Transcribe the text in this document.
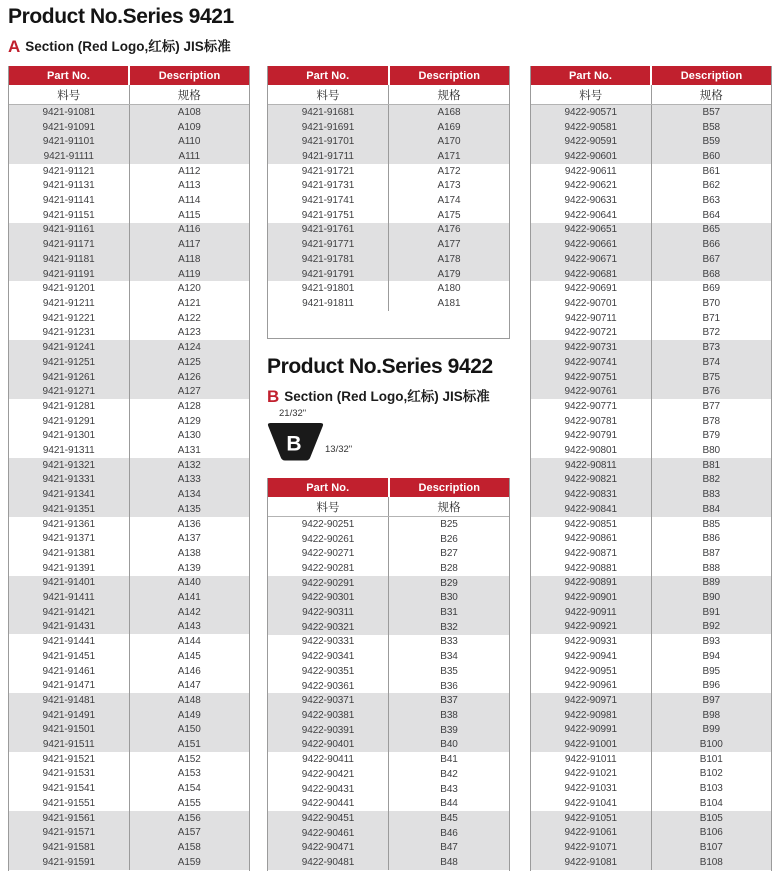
Product No.Series 9421
A Section (Red Logo,红标) JIS标准
Part No.	Description
料号	规格
9421-91081	A108
9421-91091	A109
9421-91101	A110
9421-91111	A111
9421-91121	A112
9421-91131	A113
9421-91141	A114
9421-91151	A115
9421-91161	A116
9421-91171	A117
9421-91181	A118
9421-91191	A119
9421-91201	A120
9421-91211	A121
9421-91221	A122
9421-91231	A123
9421-91241	A124
9421-91251	A125
9421-91261	A126
9421-91271	A127
9421-91281	A128
9421-91291	A129
9421-91301	A130
9421-91311	A131
9421-91321	A132
9421-91331	A133
9421-91341	A134
9421-91351	A135
9421-91361	A136
9421-91371	A137
9421-91381	A138
9421-91391	A139
9421-91401	A140
9421-91411	A141
9421-91421	A142
9421-91431	A143
9421-91441	A144
9421-91451	A145
9421-91461	A146
9421-91471	A147
9421-91481	A148
9421-91491	A149
9421-91501	A150
9421-91511	A151
9421-91521	A152
9421-91531	A153
9421-91541	A154
9421-91551	A155
9421-91561	A156
9421-91571	A157
9421-91581	A158
9421-91591	A159
Part No.	Description
料号	规格
9421-91681	A168
9421-91691	A169
9421-91701	A170
9421-91711	A171
9421-91721	A172
9421-91731	A173
9421-91741	A174
9421-91751	A175
9421-91761	A176
9421-91771	A177
9421-91781	A178
9421-91791	A179
9421-91801	A180
9421-91811	A181
Product No.Series 9422
B Section (Red Logo,红标) JIS标准
21/32"
B 13/32"
Part No.	Description
料号	规格
9422-90251	B25
9422-90261	B26
9422-90271	B27
9422-90281	B28
9422-90291	B29
9422-90301	B30
9422-90311	B31
9422-90321	B32
9422-90331	B33
9422-90341	B34
9422-90351	B35
9422-90361	B36
9422-90371	B37
9422-90381	B38
9422-90391	B39
9422-90401	B40
9422-90411	B41
9422-90421	B42
9422-90431	B43
9422-90441	B44
9422-90451	B45
9422-90461	B46
9422-90471	B47
9422-90481	B48
Part No.	Description
料号	规格
9422-90571	B57
9422-90581	B58
9422-90591	B59
9422-90601	B60
9422-90611	B61
9422-90621	B62
9422-90631	B63
9422-90641	B64
9422-90651	B65
9422-90661	B66
9422-90671	B67
9422-90681	B68
9422-90691	B69
9422-90701	B70
9422-90711	B71
9422-90721	B72
9422-90731	B73
9422-90741	B74
9422-90751	B75
9422-90761	B76
9422-90771	B77
9422-90781	B78
9422-90791	B79
9422-90801	B80
9422-90811	B81
9422-90821	B82
9422-90831	B83
9422-90841	B84
9422-90851	B85
9422-90861	B86
9422-90871	B87
9422-90881	B88
9422-90891	B89
9422-90901	B90
9422-90911	B91
9422-90921	B92
9422-90931	B93
9422-90941	B94
9422-90951	B95
9422-90961	B96
9422-90971	B97
9422-90981	B98
9422-90991	B99
9422-91001	B100
9422-91011	B101
9422-91021	B102
9422-91031	B103
9422-91041	B104
9422-91051	B105
9422-91061	B106
9422-91071	B107
9422-91081	B108
